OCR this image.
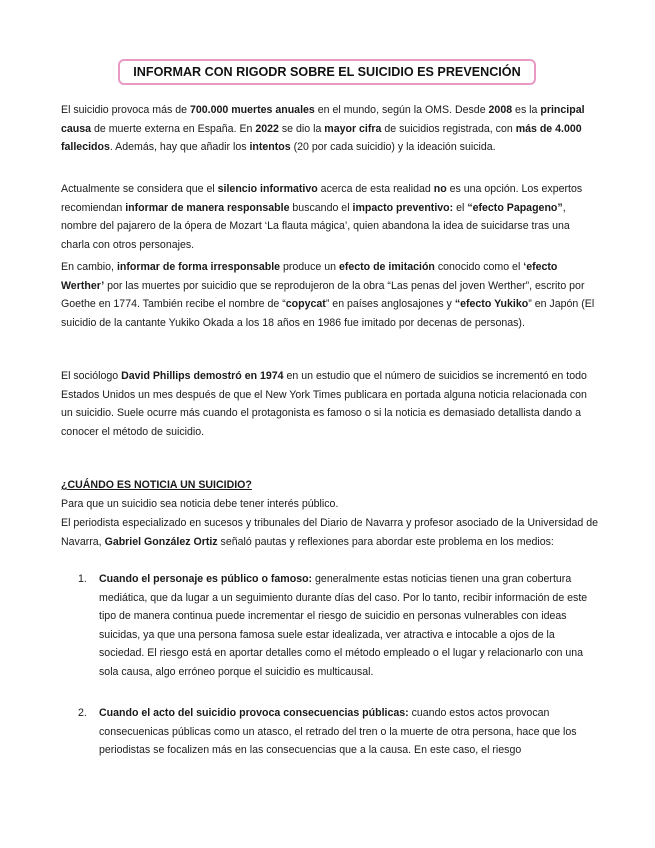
INFORMAR CON RIGODR SOBRE EL SUICIDIO ES PREVENCIÓN

El suicidio provoca más de 700.000 muertes anuales en el mundo, según la OMS. Desde 2008 es la principal causa de muerte externa en España. En 2022 se dio la mayor cifra de suicidios registrada, con más de 4.000 fallecidos. Además, hay que añadir los intentos (20 por cada suicidio) y la ideación suicida.

Actualmente se considera que el silencio informativo acerca de esta realidad no es una opción. Los expertos recomiendan informar de manera responsable buscando el impacto preventivo: el “efecto Papageno”, nombre del pajarero de la ópera de Mozart ‘La flauta mágica’, quien abandona la idea de suicidarse tras una charla con otros personajes.

En cambio, informar de forma irresponsable produce un efecto de imitación conocido como el ‘efecto Werther’ por las muertes por suicidio que se reprodujeron de la obra “Las penas del joven Werther”, escrito por Goethe en 1774. También recibe el nombre de “copycat” en países anglosajones y “efecto Yukiko” en Japón (El suicidio de la cantante Yukiko Okada a los 18 años en 1986 fue imitado por decenas de personas).

El sociólogo David Phillips demostró en 1974 en un estudio que el número de suicidios se incrementó en todo Estados Unidos un mes después de que el New York Times publicara en portada alguna noticia relacionada con un suicidio. Suele ocurre más cuando el protagonista es famoso o si la noticia es demasiado detallista dando a conocer el método de suicidio.

¿CUÁNDO ES NOTICIA UN SUICIDIO?

Para que un suicidio sea noticia debe tener interés público.

El periodista especializado en sucesos y tribunales del Diario de Navarra y profesor asociado de la Universidad de Navarra, Gabriel González Ortiz señaló pautas y reflexiones para abordar este problema en los medios:

1.	Cuando el personaje es público o famoso: generalmente estas noticias tienen una gran cobertura mediática, que da lugar a un seguimiento durante días del caso. Por lo tanto, recibir información de este tipo de manera continua puede incrementar el riesgo de suicidio en personas vulnerables con ideas suicidas, ya que una persona famosa suele estar idealizada, ver atractiva e intocable a ojos de la sociedad. El riesgo está en aportar detalles como el método empleado o el lugar y relacionarlo con una sola causa, algo erróneo porque el suicidio es multicausal.
2.	Cuando el acto del suicidio provoca consecuencias públicas: cuando estos actos provocan consecuenicas públicas como un atasco, el retrado del tren o la muerte de otra persona, hace que los periodistas se focalizen más en las consecuencias que a la causa. En este caso, el riesgo
